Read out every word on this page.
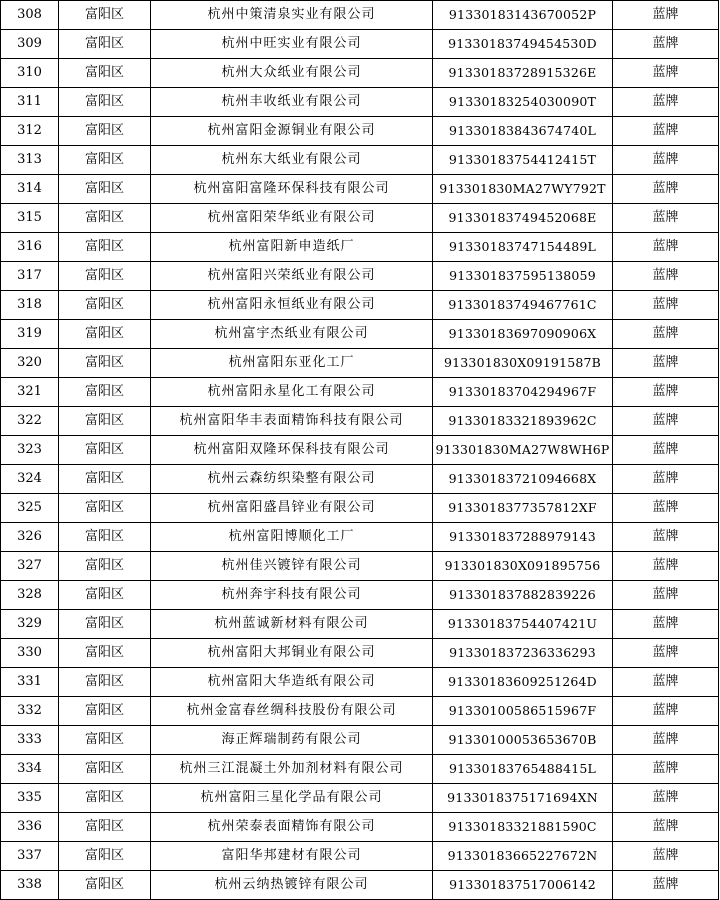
308	富阳区	杭州中策清泉实业有限公司	91330183143670052P	蓝牌
309	富阳区	杭州中旺实业有限公司	91330183749454530D	蓝牌
310	富阳区	杭州大众纸业有限公司	91330183728915326E	蓝牌
311	富阳区	杭州丰收纸业有限公司	91330183254030090T	蓝牌
312	富阳区	杭州富阳金源铜业有限公司	91330183843674740L	蓝牌
313	富阳区	杭州东大纸业有限公司	91330183754412415T	蓝牌
314	富阳区	杭州富阳富隆环保科技有限公司	913301830MA27WY792T	蓝牌
315	富阳区	杭州富阳荣华纸业有限公司	91330183749452068E	蓝牌
316	富阳区	杭州富阳新申造纸厂	91330183747154489L	蓝牌
317	富阳区	杭州富阳兴荣纸业有限公司	91330183759513805​9	蓝牌
318	富阳区	杭州富阳永恒纸业有限公司	91330183749467761C	蓝牌
319	富阳区	杭州富宇杰纸业有限公司	91330183697090906X	蓝牌
320	富阳区	杭州富阳东亚化工厂	913301830X09191587B	蓝牌
321	富阳区	杭州富阳永星化工有限公司	91330183704294967F	蓝牌
322	富阳区	杭州富阳华丰表面精饰科技有限公司	91330183321893962C	蓝牌
323	富阳区	杭州富阳双隆环保科技有限公司	913301830MA27W8WH6P	蓝牌
324	富阳区	杭州云森纺织染整有限公司	91330183721094668X	蓝牌
325	富阳区	杭州富阳盛昌锌业有限公司	91330183773578​12XF	蓝牌
326	富阳区	杭州富阳博顺化工厂	913301837288979143	蓝牌
327	富阳区	杭州佳兴镀锌有限公司	913301830X091895756	蓝牌
328	富阳区	杭州奔宇科技有限公司	913301837882839226	蓝牌
329	富阳区	杭州蓝诚新材料有限公司	91330183754407421U	蓝牌
330	富阳区	杭州富阳大邦铜业有限公司	913301837236336293	蓝牌
331	富阳区	杭州富阳大华造纸有限公司	91330183609251264D	蓝牌
332	富阳区	杭州金富春丝绸科技股份有限公司	91330100586515967F	蓝牌
333	富阳区	海正辉瑞制药有限公司	91330100053653670B	蓝牌
334	富阳区	杭州三江混凝土外加剂材料有限公司	91330183765488415L	蓝牌
335	富阳区	杭州富阳三星化学品有限公司	9133018375171694XN	蓝牌
336	富阳区	杭州荣泰表面精饰有限公司	91330183321881590C	蓝牌
337	富阳区	富阳华邦建材有限公司	91330183665227672N	蓝牌
338	富阳区	杭州云纳热镀锌有限公司	913301837517006142	蓝牌
